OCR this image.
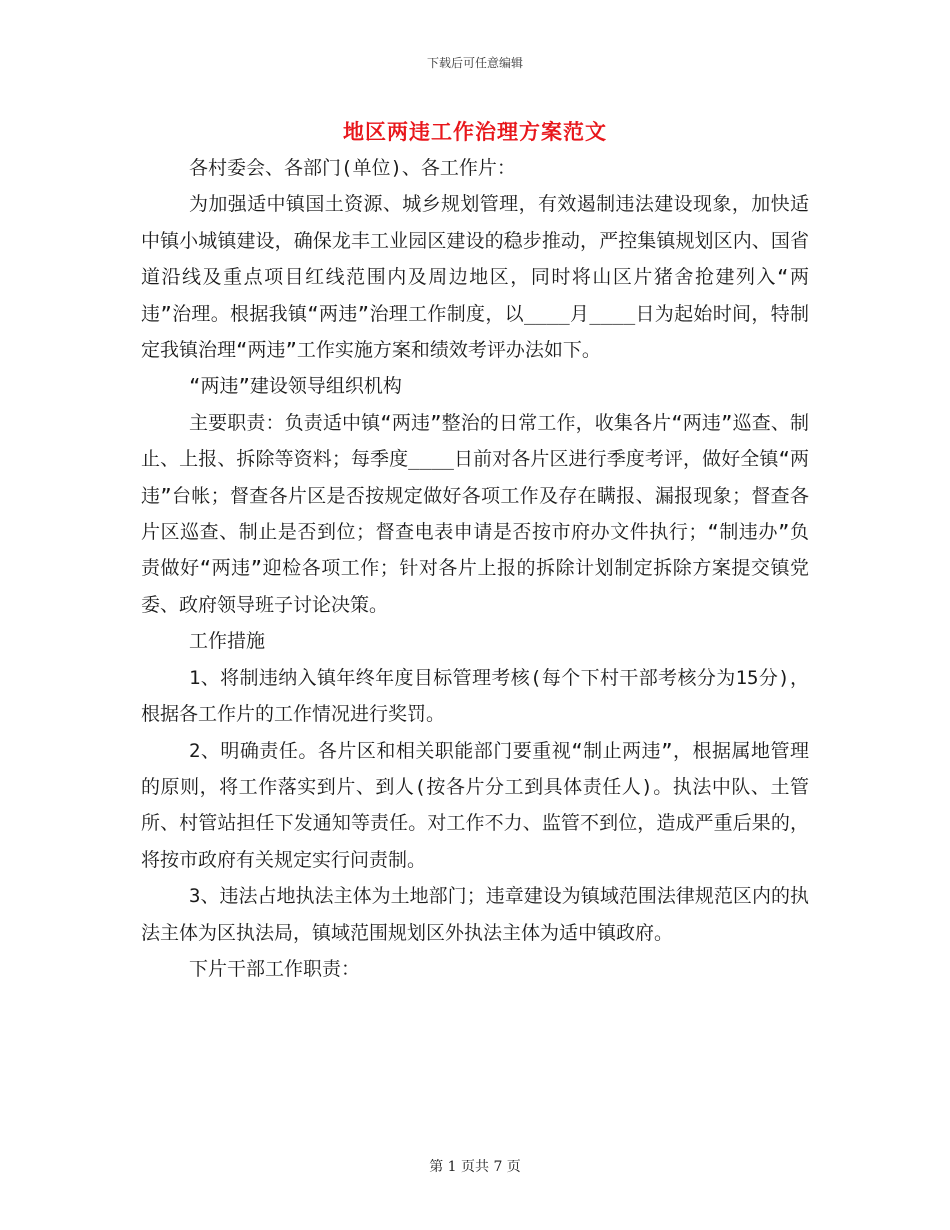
下载后可任意编辑
地区两违工作治理方案范文

各村委会、各部门(单位)、各工作片：

为加强适中镇国土资源、城乡规划管理，有效遏制违法建设现象，加快适中镇小城镇建设，确保龙丰工业园区建设的稳步推动，严控集镇规划区内、国省道沿线及重点项目红线范围内及周边地区，同时将山区片猪舍抢建列入“两违”治理。根据我镇“两违”治理工作制度，以____月____日为起始时间，特制定我镇治理“两违”工作实施方案和绩效考评办法如下。

“两违”建设领导组织机构

主要职责：负责适中镇“两违”整治的日常工作，收集各片“两违”巡查、制止、上报、拆除等资料；每季度____日前对各片区进行季度考评，做好全镇“两违”台帐；督查各片区是否按规定做好各项工作及存在瞒报、漏报现象；督查各片区巡查、制止是否到位；督查电表申请是否按市府办文件执行；“制违办”负责做好“两违”迎检各项工作；针对各片上报的拆除计划制定拆除方案提交镇党委、政府领导班子讨论决策。

工作措施

1、将制违纳入镇年终年度目标管理考核(每个下村干部考核分为15分)，根据各工作片的工作情况进行奖罚。

2、明确责任。各片区和相关职能部门要重视“制止两违”，根据属地管理的原则，将工作落实到片、到人(按各片分工到具体责任人)。执法中队、土管所、村管站担任下发通知等责任。对工作不力、监管不到位，造成严重后果的，将按市政府有关规定实行问责制。

3、违法占地执法主体为土地部门；违章建设为镇域范围法律规范区内的执法主体为区执法局，镇域范围规划区外执法主体为适中镇政府。

下片干部工作职责：

第 1 页共 7 页
